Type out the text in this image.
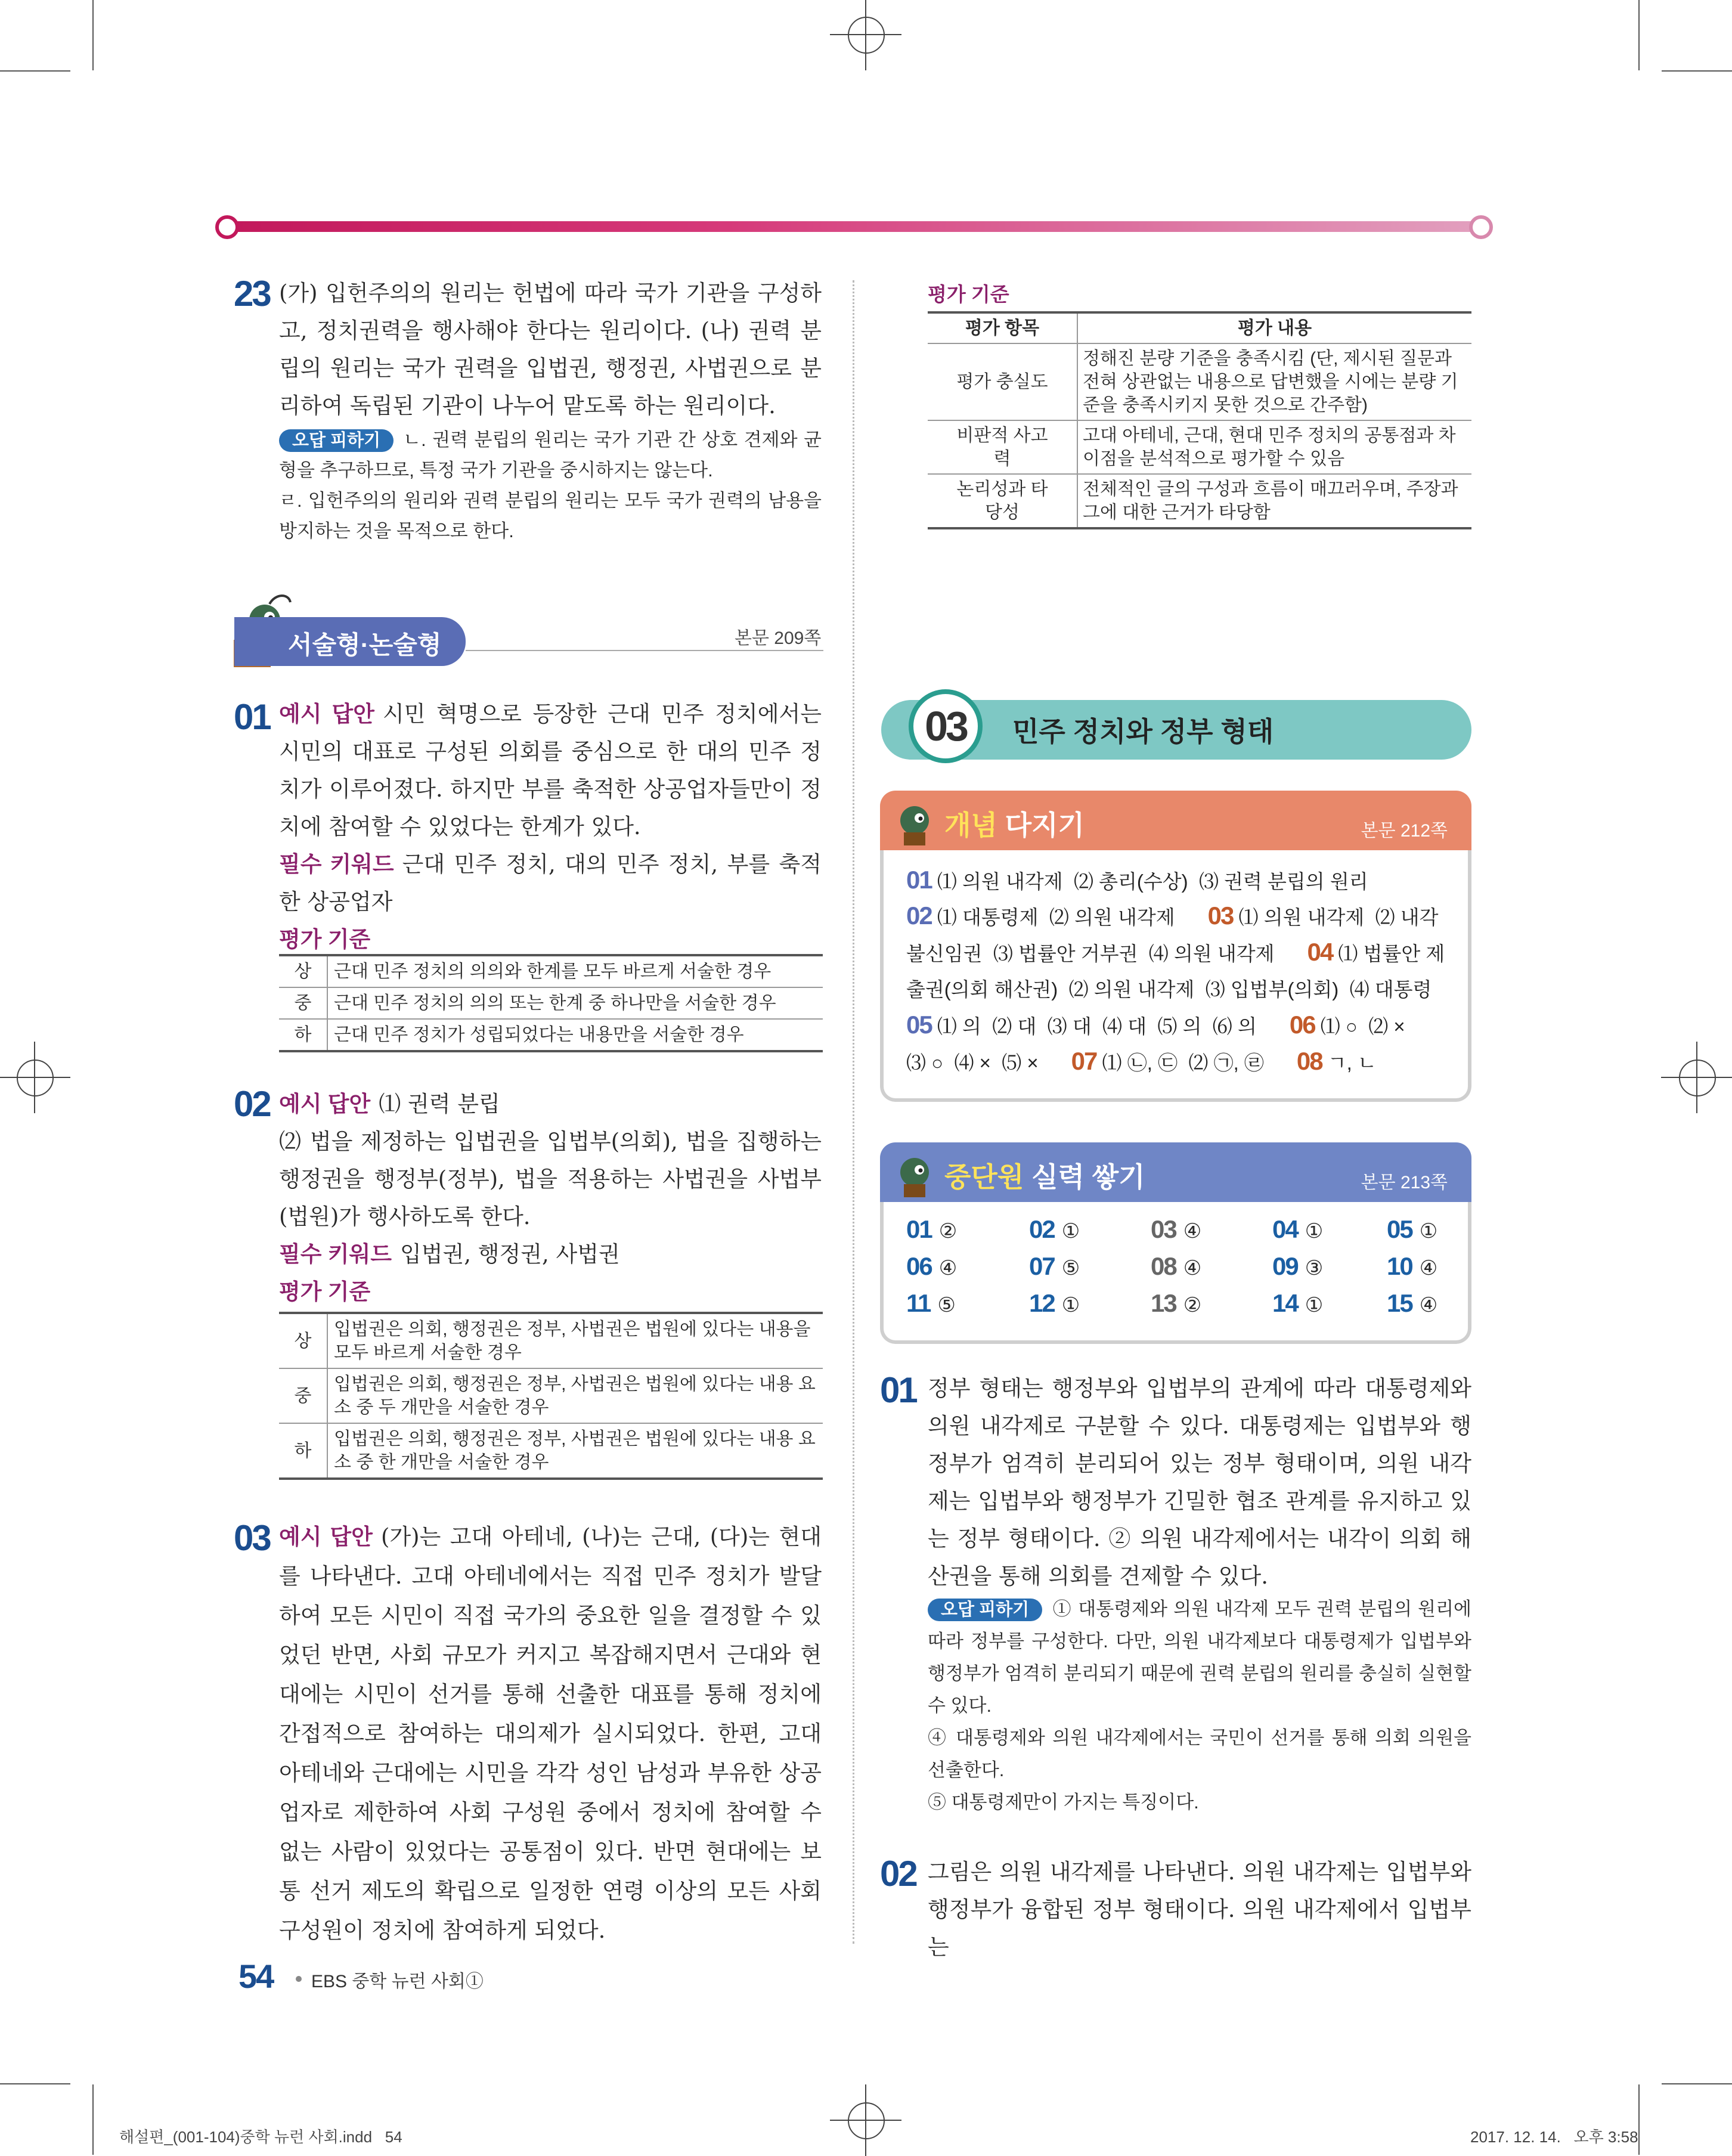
23 (가) 입헌주의의 원리는 헌법에 따라 국가 기관을 구성하고, 정치권력을 행사해야 한다는 원리이다. (나) 권력 분립의 원리는 국가 권력을 입법권, 행정권, 사법권으로 분리하여 독립된 기관이 나누어 맡도록 하는 원리이다.
오답 피하기 ㄴ. 권력 분립의 원리는 국가 기관 간 상호 견제와 균형을 추구하므로, 특정 국가 기관을 중시하지는 않는다.
ㄹ. 입헌주의의 원리와 권력 분립의 원리는 모두 국가 권력의 남용을 방지하는 것을 목적으로 한다.
서술형·논술형	본문 209쪽
01 예시 답안 시민 혁명으로 등장한 근대 민주 정치에서는 시민의 대표로 구성된 의회를 중심으로 한 대의 민주 정치가 이루어졌다. 하지만 부를 축적한 상공업자들만이 정치에 참여할 수 있었다는 한계가 있다.
필수 키워드 근대 민주 정치, 대의 민주 정치, 부를 축적한 상공업자
평가 기준
상	근대 민주 정치의 의의와 한계를 모두 바르게 서술한 경우
중	근대 민주 정치의 의의 또는 한계 중 하나만을 서술한 경우
하	근대 민주 정치가 성립되었다는 내용만을 서술한 경우
02 예시 답안 ⑴ 권력 분립
⑵ 법을 제정하는 입법권을 입법부(의회), 법을 집행하는 행정권을 행정부(정부), 법을 적용하는 사법권을 사법부(법원)가 행사하도록 한다.
필수 키워드 입법권, 행정권, 사법권
평가 기준
상	입법권은 의회, 행정권은 정부, 사법권은 법원에 있다는 내용을 모두 바르게 서술한 경우
중	입법권은 의회, 행정권은 정부, 사법권은 법원에 있다는 내용 요소 중 두 개만을 서술한 경우
하	입법권은 의회, 행정권은 정부, 사법권은 법원에 있다는 내용 요소 중 한 개만을 서술한 경우
03 예시 답안 (가)는 고대 아테네, (나)는 근대, (다)는 현대를 나타낸다. 고대 아테네에서는 직접 민주 정치가 발달하여 모든 시민이 직접 국가의 중요한 일을 결정할 수 있었던 반면, 사회 규모가 커지고 복잡해지면서 근대와 현대에는 시민이 선거를 통해 선출한 대표를 통해 정치에 간접적으로 참여하는 대의제가 실시되었다. 한편, 고대 아테네와 근대에는 시민을 각각 성인 남성과 부유한 상공업자로 제한하여 사회 구성원 중에서 정치에 참여할 수 없는 사람이 있었다는 공통점이 있다. 반면 현대에는 보통 선거 제도의 확립으로 일정한 연령 이상의 모든 사회 구성원이 정치에 참여하게 되었다.
평가 기준
평가 항목	평가 내용
평가 충실도	정해진 분량 기준을 충족시킴 (단, 제시된 질문과 전혀 상관없는 내용으로 답변했을 시에는 분량 기준을 충족시키지 못한 것으로 간주함)
비판적 사고력	고대 아테네, 근대, 현대 민주 정치의 공통점과 차이점을 분석적으로 평가할 수 있음
논리성과 타당성	전체적인 글의 구성과 흐름이 매끄러우며, 주장과 그에 대한 근거가 타당함
03	민주 정치와 정부 형태
개념 다지기	본문 212쪽
01 ⑴ 의원 내각제  ⑵ 총리(수상)  ⑶ 권력 분립의 원리
02 ⑴ 대통령제  ⑵ 의원 내각제      03 ⑴ 의원 내각제  ⑵ 내각
불신임권  ⑶ 법률안 거부권  ⑷ 의원 내각제      04 ⑴ 법률안 제
출권(의회 해산권)  ⑵ 의원 내각제  ⑶ 입법부(의회)  ⑷ 대통령
05 ⑴ 의  ⑵ 대  ⑶ 대  ⑷ 대  ⑸ 의  ⑹ 의      06 ⑴ ○  ⑵ ×
⑶ ○  ⑷ ×  ⑸ ×      07 ⑴ ㉡, ㉢  ⑵ ㉠, ㉣      08 ㄱ, ㄴ
중단원 실력 쌓기	본문 213쪽
01 ②	02 ①	03 ④	04 ①	05 ①
06 ④	07 ⑤	08 ④	09 ③	10 ④
11 ⑤	12 ①	13 ②	14 ①	15 ④
01 정부 형태는 행정부와 입법부의 관계에 따라 대통령제와 의원 내각제로 구분할 수 있다. 대통령제는 입법부와 행정부가 엄격히 분리되어 있는 정부 형태이며, 의원 내각제는 입법부와 행정부가 긴밀한 협조 관계를 유지하고 있는 정부 형태이다. ② 의원 내각제에서는 내각이 의회 해산권을 통해 의회를 견제할 수 있다.
오답 피하기 ① 대통령제와 의원 내각제 모두 권력 분립의 원리에 따라 정부를 구성한다. 다만, 의원 내각제보다 대통령제가 입법부와 행정부가 엄격히 분리되기 때문에 권력 분립의 원리를 충실히 실현할 수 있다.
④ 대통령제와 의원 내각제에서는 국민이 선거를 통해 의회 의원을 선출한다.
⑤ 대통령제만이 가지는 특징이다.
02 그림은 의원 내각제를 나타낸다. 의원 내각제는 입법부와 행정부가 융합된 정부 형태이다. 의원 내각제에서 입법부는
54 EBS 중학 뉴런 사회①
해설편_(001-104)중학 뉴런 사회.indd   54	2017. 12. 14.   오후 3:58
